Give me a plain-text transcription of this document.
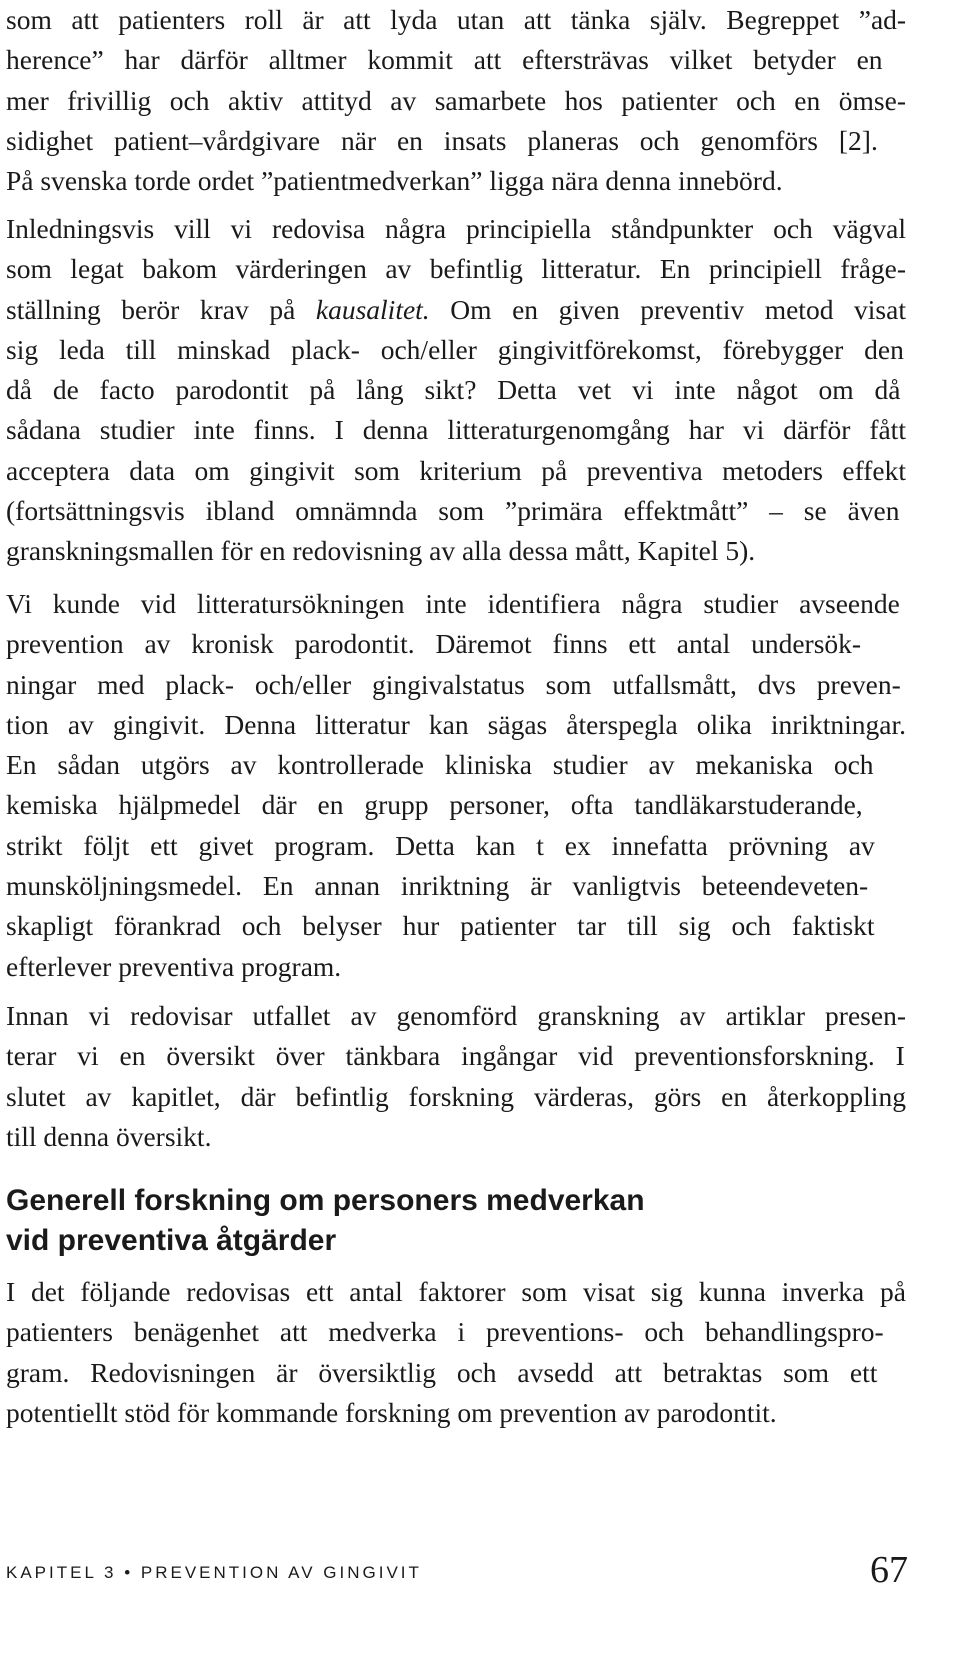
som att patienters roll är att lyda utan att tänka själv. Begreppet ”ad-
herence” har därför alltmer kommit att eftersträvas vilket betyder en
mer frivillig och aktiv attityd av samarbete hos patienter och en ömse-
sidighet patient–vårdgivare när en insats planeras och genomförs [2].
På svenska torde ordet ”patientmedverkan” ligga nära denna innebörd.
Inledningsvis vill vi redovisa några principiella ståndpunkter och vägval
som legat bakom värderingen av befintlig litteratur. En principiell fråge-
ställning berör krav på kausalitet. Om en given preventiv metod visat
sig leda till minskad plack- och/eller gingivitförekomst, förebygger den
då de facto parodontit på lång sikt? Detta vet vi inte något om då
sådana studier inte finns. I denna litteraturgenomgång har vi därför fått
acceptera data om gingivit som kriterium på preventiva metoders effekt
(fortsättningsvis ibland omnämnda som ”primära effektmått” – se även
granskningsmallen för en redovisning av alla dessa mått, Kapitel 5).
Vi kunde vid litteratursökningen inte identifiera några studier avseende
prevention av kronisk parodontit. Däremot finns ett antal undersök-
ningar med plack- och/eller gingivalstatus som utfallsmått, dvs preven-
tion av gingivit. Denna litteratur kan sägas återspegla olika inriktningar.
En sådan utgörs av kontrollerade kliniska studier av mekaniska och
kemiska hjälpmedel där en grupp personer, ofta tandläkarstuderande,
strikt följt ett givet program. Detta kan t ex innefatta prövning av
munsköljningsmedel. En annan inriktning är vanligtvis beteendeveten-
skapligt förankrad och belyser hur patienter tar till sig och faktiskt
efterlever preventiva program.
Innan vi redovisar utfallet av genomförd granskning av artiklar presen-
terar vi en översikt över tänkbara ingångar vid preventionsforskning. I
slutet av kapitlet, där befintlig forskning värderas, görs en återkoppling
till denna översikt.
Generell forskning om personers medverkan
vid preventiva åtgärder
I det följande redovisas ett antal faktorer som visat sig kunna inverka på
patienters benägenhet att medverka i preventions- och behandlingspro-
gram. Redovisningen är översiktlig och avsedd att betraktas som ett
potentiellt stöd för kommande forskning om prevention av parodontit.
KAPITEL 3 • PREVENTION AV GINGIVIT	67
